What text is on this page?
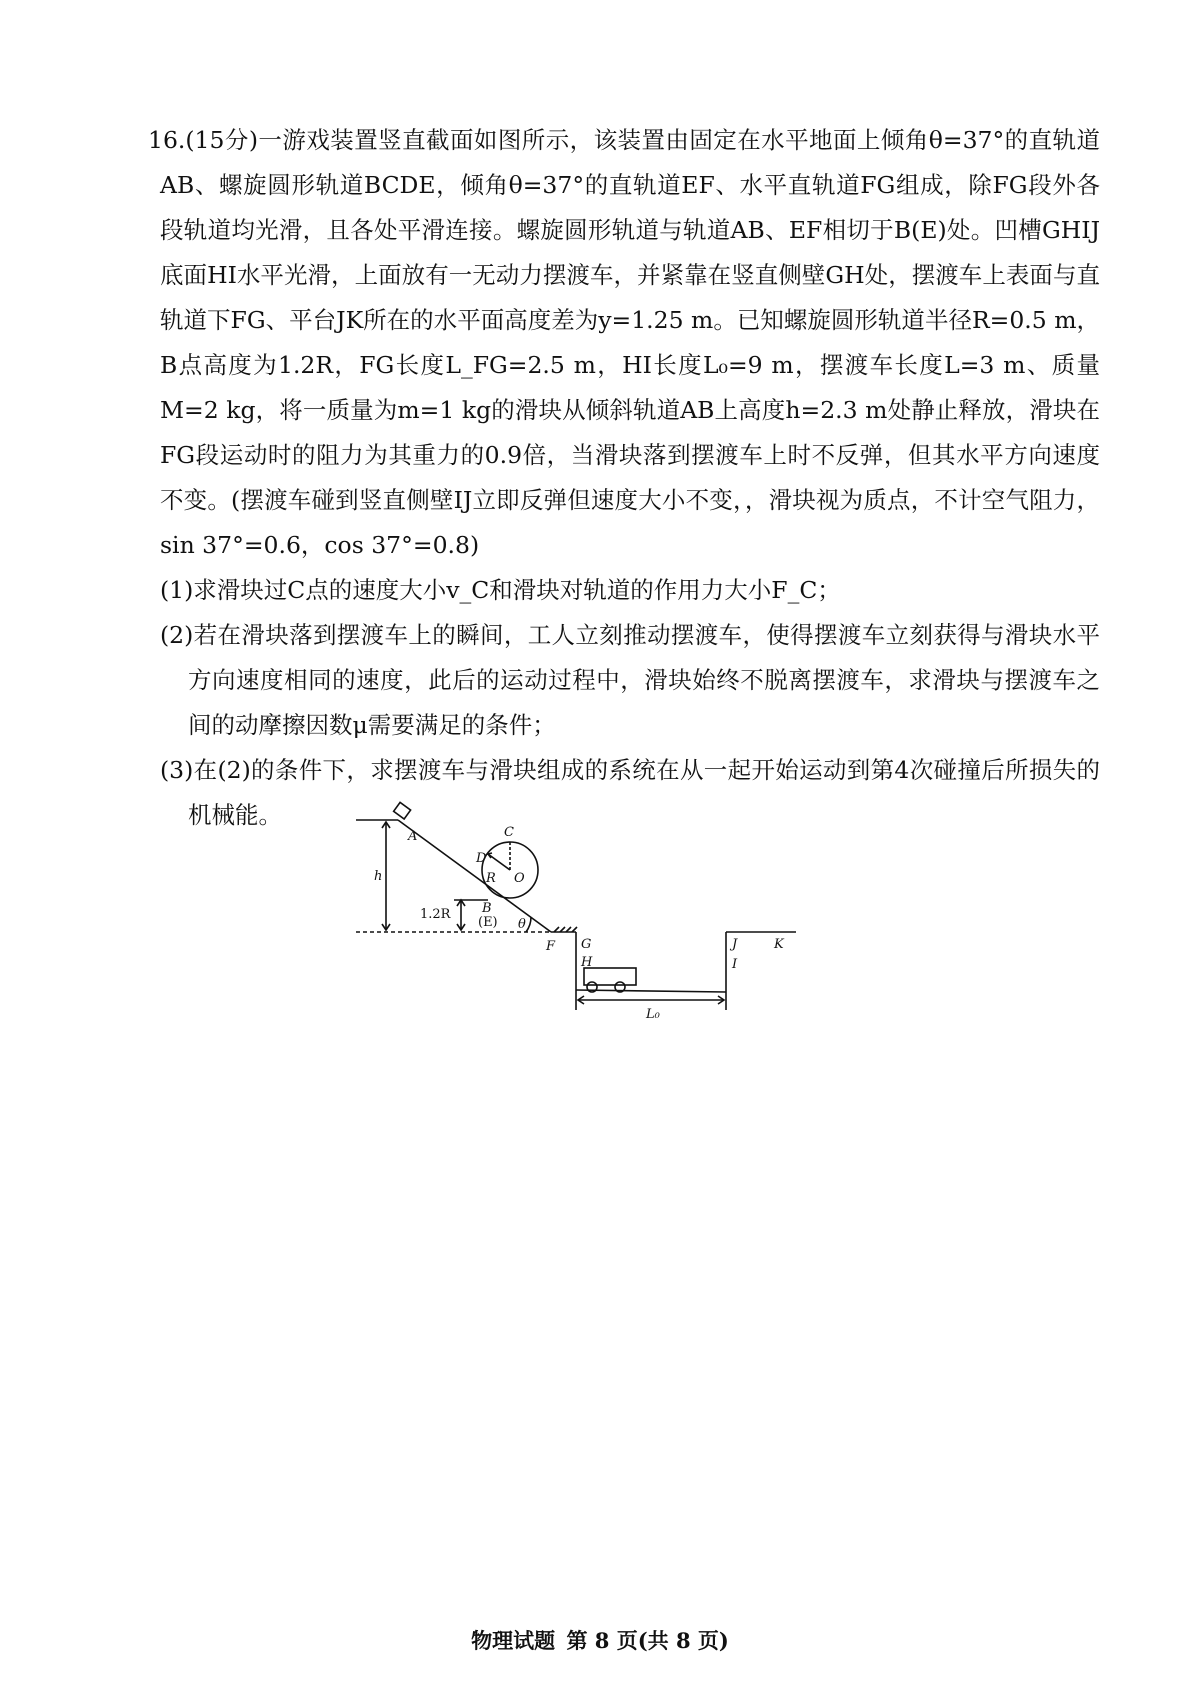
16.(15分)一游戏装置竖直截面如图所示，该装置由固定在水平地面上倾角θ=37°的直轨道AB、螺旋圆形轨道BCDE，倾角θ=37°的直轨道EF、水平直轨道FG组成，除FG段外各段轨道均光滑，且各处平滑连接。螺旋圆形轨道与轨道AB、EF相切于B(E)处。凹槽GHIJ底面HI水平光滑，上面放有一无动力摆渡车，并紧靠在竖直侧壁GH处，摆渡车上表面与直轨道下FG、平台JK所在的水平面高度差为y=1.25 m。已知螺旋圆形轨道半径R=0.5 m，B点高度为1.2R，FG长度L_FG=2.5 m，HI长度L₀=9 m，摆渡车长度L=3 m、质量M=2 kg，将一质量为m=1 kg的滑块从倾斜轨道AB上高度h=2.3 m处静止释放，滑块在FG段运动时的阻力为其重力的0.9倍，当滑块落到摆渡车上时不反弹，但其水平方向速度不变。(摆渡车碰到竖直侧壁IJ立即反弹但速度大小不变，，滑块视为质点，不计空气阻力，sin 37°=0.6，cos 37°=0.8)

(1)求滑块过C点的速度大小v_C和滑块对轨道的作用力大小F_C；

(2)若在滑块落到摆渡车上的瞬间，工人立刻推动摆渡车，使得摆渡车立刻获得与滑块水平方向速度相同的速度，此后的运动过程中，滑块始终不脱离摆渡车，求滑块与摆渡车之间的动摩擦因数μ需要满足的条件；

(3)在(2)的条件下，求摆渡车与滑块组成的系统在从一起开始运动到第4次碰撞后所损失的机械能。

A	C
D
R O
B
(E)
h
1.2R
θ
F G
H
J
I
K
L₀
物理试题 第 8 页(共 8 页)
